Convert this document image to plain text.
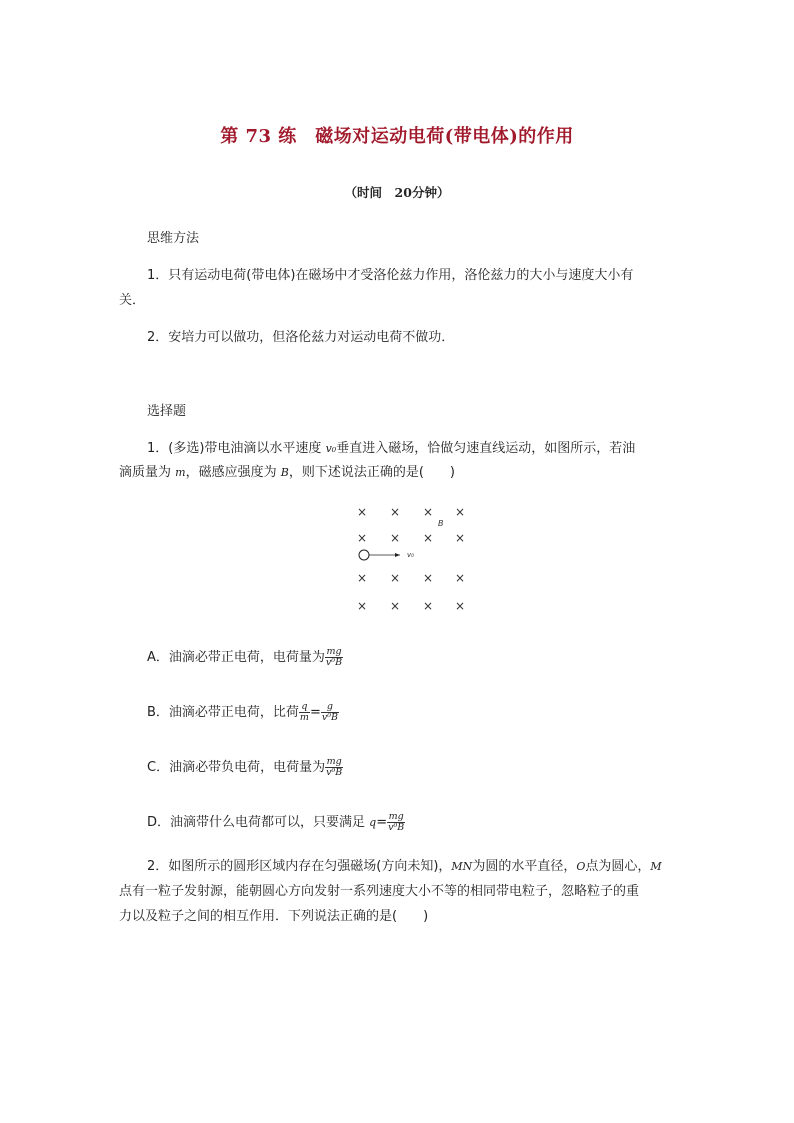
第 73 练　磁场对运动电荷(带电体)的作用
（时间　20分钟）
思维方法
1．只有运动电荷(带电体)在磁场中才受洛伦兹力作用，洛伦兹力的大小与速度大小有
关．
2．安培力可以做功，但洛伦兹力对运动电荷不做功．
选择题
1．(多选)带电油滴以水平速度 v₀垂直进入磁场，恰做匀速直线运动，如图所示，若油
滴质量为 m，磁感应强度为 B，则下述说法正确的是(　　)
× × × ×
× × × ×
× × × ×
× × × ×
B
v₀
A．油滴必带正电荷，电荷量为 $\frac{mg}{\text{v⁰B}}$
B．油滴必带正电荷，比荷 $\frac{q}{m} = \frac{g}{\text{v⁰B}}$
C．油滴必带负电荷，电荷量为 $\frac{mg}{\text{v⁰B}}$
D．油滴带什么电荷都可以，只要满足 $q= \frac{mg}{\text{v⁰B}}$
2．如图所示的圆形区域内存在匀强磁场(方向未知)，MN为圆的水平直径，O点为圆心，M
点有一粒子发射源，能朝圆心方向发射一系列速度大小不等的相同带电粒子，忽略粒子的重
力以及粒子之间的相互作用．下列说法正确的是(　　)
